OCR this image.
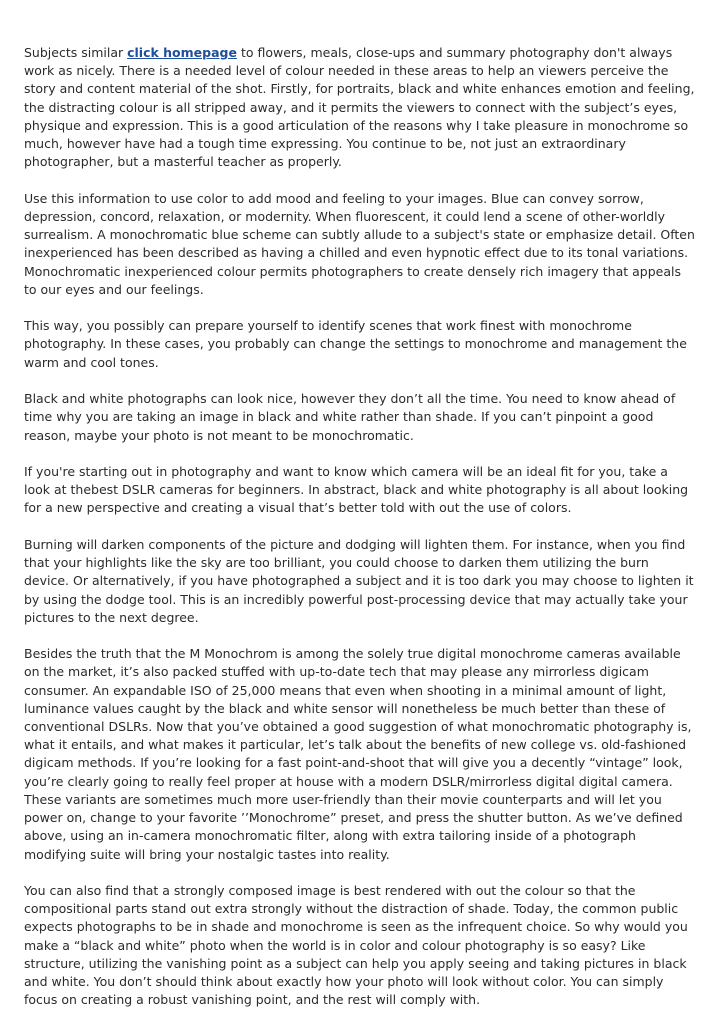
Subjects similar click homepage to flowers, meals, close-ups and summary photography don't always work as nicely. There is a needed level of colour needed in these areas to help an viewers perceive the story and content material of the shot. Firstly, for portraits, black and white enhances emotion and feeling, the distracting colour is all stripped away, and it permits the viewers to connect with the subject’s eyes, physique and expression. This is a good articulation of the reasons why I take pleasure in monochrome so much, however have had a tough time expressing. You continue to be, not just an extraordinary photographer, but a masterful teacher as properly.

Use this information to use color to add mood and feeling to your images. Blue can convey sorrow, depression, concord, relaxation, or modernity. When fluorescent, it could lend a scene of other-worldly surrealism. A monochromatic blue scheme can subtly allude to a subject's state or emphasize detail. Often inexperienced has been described as having a chilled and even hypnotic effect due to its tonal variations. Monochromatic inexperienced colour permits photographers to create densely rich imagery that appeals to our eyes and our feelings.

This way, you possibly can prepare yourself to identify scenes that work finest with monochrome photography. In these cases, you probably can change the settings to monochrome and management the warm and cool tones.

Black and white photographs can look nice, however they don’t all the time. You need to know ahead of time why you are taking an image in black and white rather than shade. If you can’t pinpoint a good reason, maybe your photo is not meant to be monochromatic.

If you're starting out in photography and want to know which camera will be an ideal fit for you, take a look at thebest DSLR cameras for beginners. In abstract, black and white photography is all about looking for a new perspective and creating a visual that’s better told with out the use of colors.

Burning will darken components of the picture and dodging will lighten them. For instance, when you find that your highlights like the sky are too brilliant, you could choose to darken them utilizing the burn device. Or alternatively, if you have photographed a subject and it is too dark you may choose to lighten it by using the dodge tool. This is an incredibly powerful post-processing device that may actually take your pictures to the next degree.

Besides the truth that the M Monochrom is among the solely true digital monochrome cameras available on the market, it’s also packed stuffed with up-to-date tech that may please any mirrorless digicam consumer. An expandable ISO of 25,000 means that even when shooting in a minimal amount of light, luminance values caught by the black and white sensor will nonetheless be much better than these of conventional DSLRs. Now that you’ve obtained a good suggestion of what monochromatic photography is, what it entails, and what makes it particular, let’s talk about the benefits of new college vs. old-fashioned digicam methods. If you’re looking for a fast point-and-shoot that will give you a decently “vintage” look, you’re clearly going to really feel proper at house with a modern DSLR/mirrorless digital digital camera. These variants are sometimes much more user-friendly than their movie counterparts and will let you power on, change to your favorite ’’Monochrome” preset, and press the shutter button. As we’ve defined above, using an in-camera monochromatic filter, along with extra tailoring inside of a photograph modifying suite will bring your nostalgic tastes into reality.

You can also find that a strongly composed image is best rendered with out the colour so that the compositional parts stand out extra strongly without the distraction of shade. Today, the common public expects photographs to be in shade and monochrome is seen as the infrequent choice. So why would you make a “black and white” photo when the world is in color and colour photography is so easy? Like structure, utilizing the vanishing point as a subject can help you apply seeing and taking pictures in black and white. You don’t should think about exactly how your photo will look without color. You can simply focus on creating a robust vanishing point, and the rest will comply with.
